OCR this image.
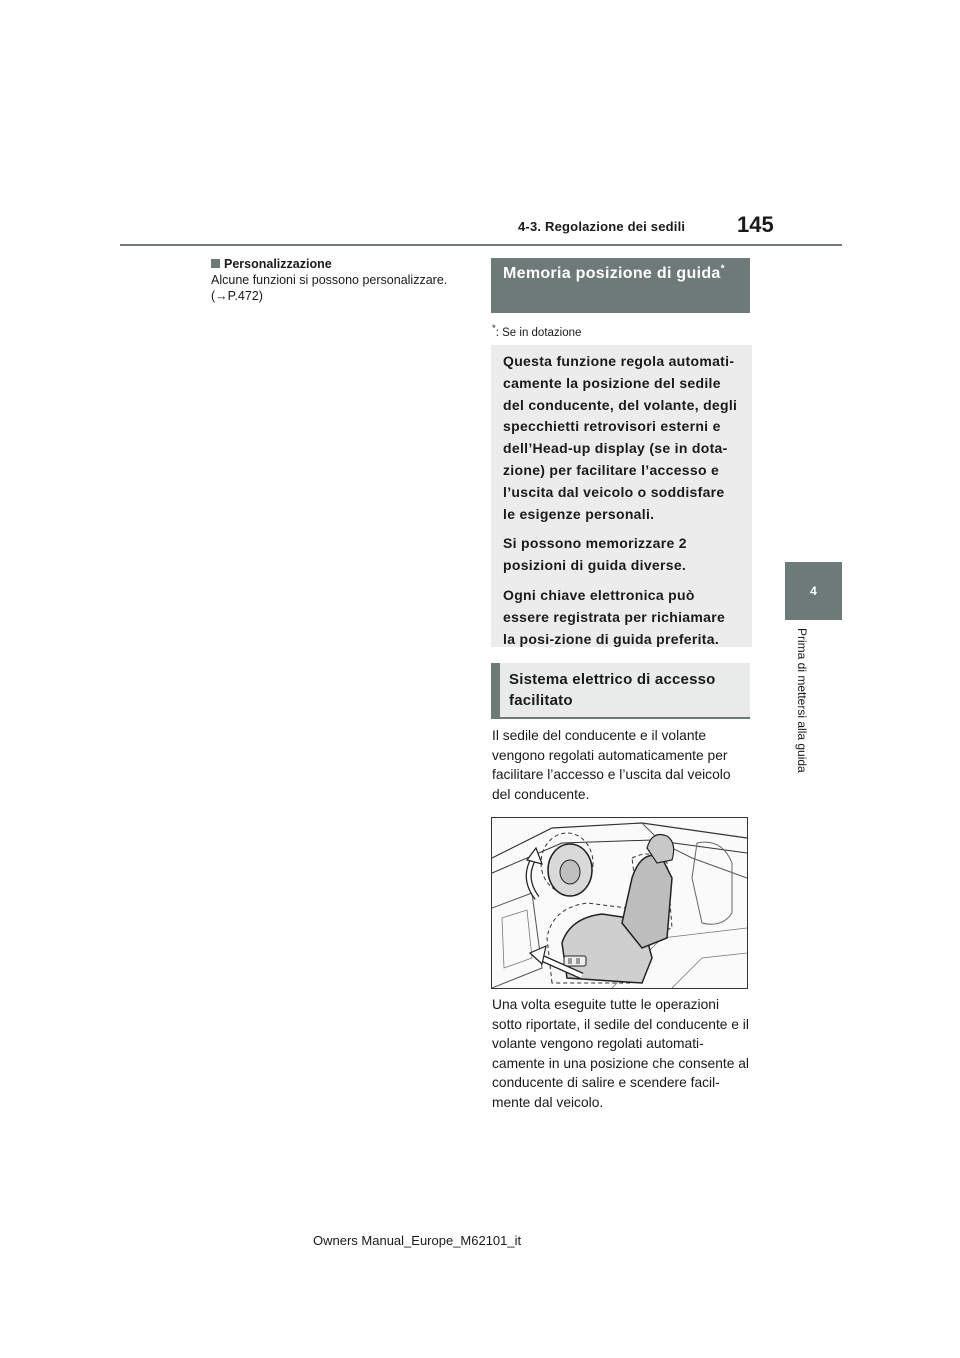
4-3. Regolazione dei sedili 145
4
Prima di mettersi alla guida
Personalizzazione
Alcune funzioni si possono personalizzare. (→P.472)
Memoria posizione di guida*
*: Se in dotazione

Questa funzione regola automati-camente la posizione del sedile del conducente, del volante, degli specchietti retrovisori esterni e dell’Head-up display (se in dota-zione) per facilitare l’accesso e l’uscita dal veicolo o soddisfare le esigenze personali.

Si possono memorizzare 2 posizioni di guida diverse.

Ogni chiave elettronica può essere registrata per richiamare la posi-zione di guida preferita.

Sistema elettrico di accesso facilitato
Il sedile del conducente e il volante vengono regolati automaticamente per facilitare l’accesso e l’uscita dal veicolo del conducente.
Una volta eseguite tutte le operazioni sotto riportate, il sedile del conducente e il volante vengono regolati automati-camente in una posizione che consente al conducente di salire e scendere facil-mente dal veicolo.
Owners Manual_Europe_M62101_it
